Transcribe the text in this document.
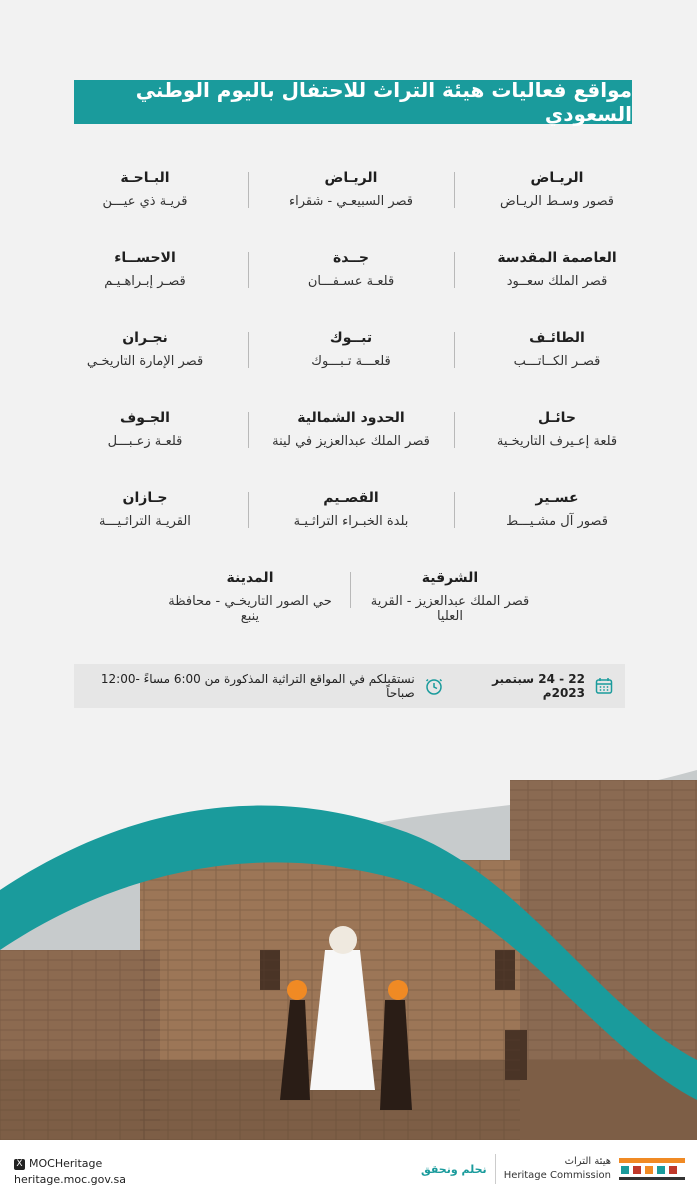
مواقع فعاليات هيئة التراث للاحتفال باليوم الوطني السعودي
الريـاض
قصور وسـط الريـاض
الريـاض
قصر السبيعـي - شقراء
البـاحـة
قريـة ذي عيـــن
العاصمة المقدسة
قصر الملك سعــود
جــدة
قلعـة عسـفـــان
الاحســاء
قصـر إبـراهـيـم
الطائـف
قصـر الكــاتـــب
تبــوك
قلعـــة تـبـــوك
نجـران
قصر الإمارة التاريخـي
حائـل
قلعة إعـيرف التاريخـية
الحدود الشمالية
قصر الملك عبدالعزيز في لينة
الجـوف
قلعـة زعـبـــل
عسـير
قصور آل مشـيـــط
القصـيم
بلدة الخبـراء التراثـيـة
جـازان
القريـة التراثـيـــة
الشرقية
قصر الملك عبدالعزيز - القرية العليا
المدينة
حي الصور التاريخـي - محافظة ينبع
22 - 24 سبتمبر 2023م
نستقبلكم في المواقع التراثية المذكورة من 6:00 مساءً -12:00 صباحاً
X MOCHeritage
heritage.moc.gov.sa
نحلم ونحقق
هيئة التراث
Heritage Commission
